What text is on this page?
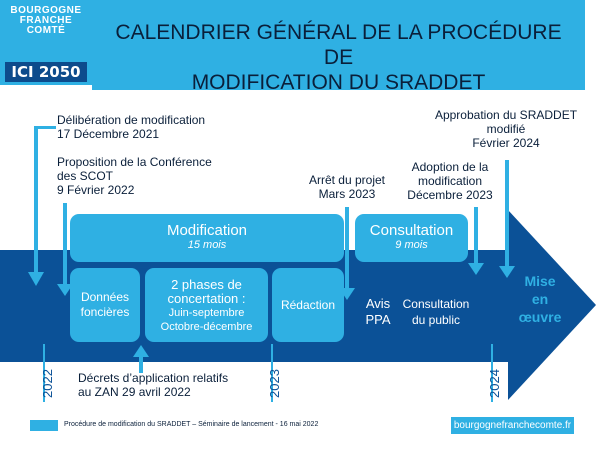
BOURGOGNE
FRANCHE
COMTÉ
ICI 2050
CALENDRIER GÉNÉRAL DE LA PROCÉDURE DE
MODIFICATION DU SRADDET
2022	2023	2024
Délibération de modification
17 Décembre 2021
Proposition de la Conférence
des SCOT
9 Février 2022
Arrêt du projet
Mars 2023
Adoption de la
modification
Décembre 2023
Approbation du SRADDET
modifié
Février 2024
Décrets d’application relatifs
au ZAN 29 avril 2022
Modification
15 mois
Consultation
9 mois
Données
foncières
2 phases de
concertation :
Juin-septembre
Octobre-décembre
Rédaction	Avis
PPA
Consultation
du public
Mise
en
œuvre
Procédure de modification du SRADDET – Séminaire de lancement - 16 mai 2022	bourgognefranchecomte.fr
